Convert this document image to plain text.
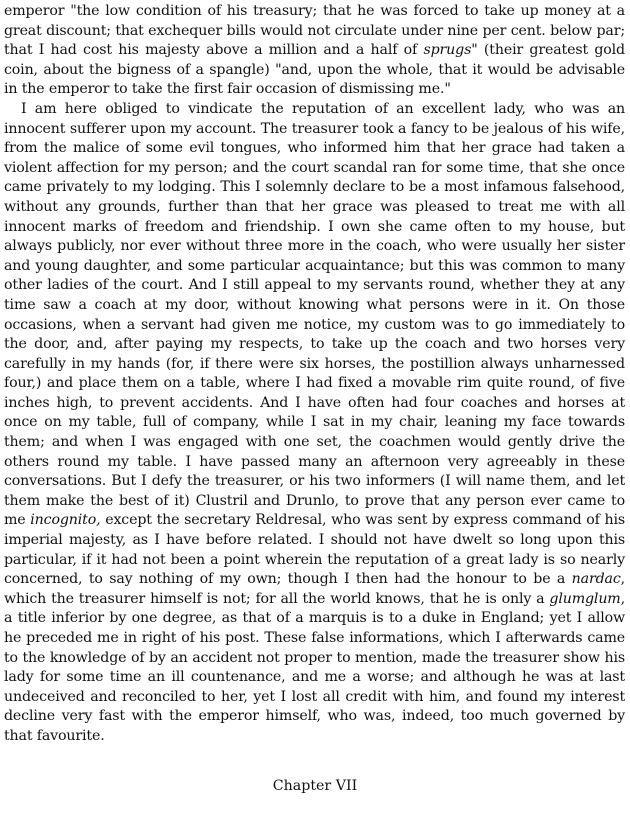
emperor "the low condition of his treasury; that he was forced to take up money at a great discount; that exchequer bills would not circulate under nine per cent. below par; that I had cost his majesty above a million and a half of sprugs" (their greatest gold coin, about the bigness of a spangle) "and, upon the whole, that it would be advisable in the emperor to take the first fair occasion of dismissing me."

I am here obliged to vindicate the reputation of an excellent lady, who was an innocent sufferer upon my account. The treasurer took a fancy to be jealous of his wife, from the malice of some evil tongues, who informed him that her grace had taken a violent affection for my person; and the court scandal ran for some time, that she once came privately to my lodging. This I solemnly declare to be a most infamous falsehood, without any grounds, further than that her grace was pleased to treat me with all innocent marks of freedom and friendship. I own she came often to my house, but always publicly, nor ever without three more in the coach, who were usually her sister and young daughter, and some particular acquaintance; but this was common to many other ladies of the court. And I still appeal to my servants round, whether they at any time saw a coach at my door, without knowing what persons were in it. On those occasions, when a servant had given me notice, my custom was to go immediately to the door, and, after paying my respects, to take up the coach and two horses very carefully in my hands (for, if there were six horses, the postillion always unharnessed four,) and place them on a table, where I had fixed a movable rim quite round, of five inches high, to prevent accidents. And I have often had four coaches and horses at once on my table, full of company, while I sat in my chair, leaning my face towards them; and when I was engaged with one set, the coachmen would gently drive the others round my table. I have passed many an afternoon very agreeably in these conversations. But I defy the treasurer, or his two informers (I will name them, and let them make the best of it) Clustril and Drunlo, to prove that any person ever came to me incognito, except the secretary Reldresal, who was sent by express command of his imperial majesty, as I have before related. I should not have dwelt so long upon this particular, if it had not been a point wherein the reputation of a great lady is so nearly concerned, to say nothing of my own; though I then had the honour to be a nardac, which the treasurer himself is not; for all the world knows, that he is only a glumglum, a title inferior by one degree, as that of a marquis is to a duke in England; yet I allow he preceded me in right of his post. These false informations, which I afterwards came to the knowledge of by an accident not proper to mention, made the treasurer show his lady for some time an ill countenance, and me a worse; and although he was at last undeceived and reconciled to her, yet I lost all credit with him, and found my interest decline very fast with the emperor himself, who was, indeed, too much governed by that favourite.

Chapter VII
